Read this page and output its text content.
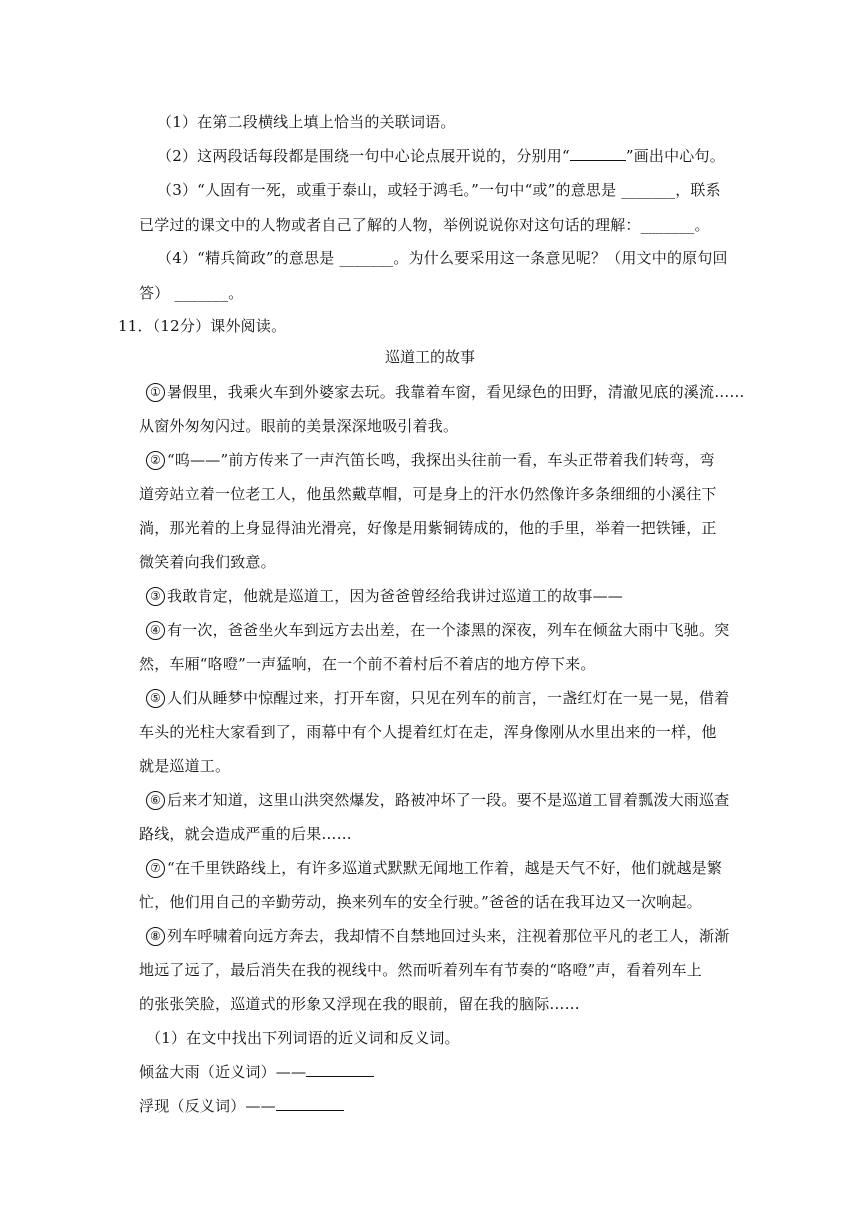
（1）在第二段横线上填上恰当的关联词语。
（2）这两段话每段都是围绕一句中心论点展开说的，分别用“	”画出中心句。
（3）“人固有一死，或重于泰山，或轻于鸿毛。”一句中“或”的意思是 _______，联系
已学过的课文中的人物或者自己了解的人物，举例说说你对这句话的理解：_______。
（4）“精兵简政”的意思是 _______。为什么要采用这一条意见呢？（用文中的原句回
答） _______。
11．（12分）课外阅读。
巡道工的故事
① 暑假里，我乘火车到外婆家去玩。我靠着车窗，看见绿色的田野，清澈见底的溪流……
从窗外匆匆闪过。眼前的美景深深地吸引着我。
② “呜——”前方传来了一声汽笛长鸣，我探出头往前一看，车头正带着我们转弯，弯
道旁站立着一位老工人，他虽然戴草帽，可是身上的汗水仍然像许多条细细的小溪往下
淌，那光着的上身显得油光滑亮，好像是用紫铜铸成的，他的手里，举着一把铁锤，正
微笑着向我们致意。
③ 我敢肯定，他就是巡道工，因为爸爸曾经给我讲过巡道工的故事——
④ 有一次，爸爸坐火车到远方去出差，在一个漆黑的深夜，列车在倾盆大雨中飞驰。突
然，车厢“咯噔”一声猛响，在一个前不着村后不着店的地方停下来。
⑤ 人们从睡梦中惊醒过来，打开车窗，只见在列车的前言，一盏红灯在一晃一晃，借着
车头的光柱大家看到了，雨幕中有个人提着红灯在走，浑身像刚从水里出来的一样，他
就是巡道工。
⑥ 后来才知道，这里山洪突然爆发，路被冲坏了一段。要不是巡道工冒着瓢泼大雨巡查
路线，就会造成严重的后果……
⑦ “在千里铁路线上，有许多巡道式默默无闻地工作着，越是天气不好，他们就越是繁
忙，他们用自己的辛勤劳动，换来列车的安全行驶。”爸爸的话在我耳边又一次响起。
⑧ 列车呼啸着向远方奔去，我却情不自禁地回过头来，注视着那位平凡的老工人，渐渐
地远了远了，最后消失在我的视线中。然而听着列车有节奏的“咯噔”声，看着列车上
的张张笑脸，巡道式的形象又浮现在我的眼前，留在我的脑际……
（1）在文中找出下列词语的近义词和反义词。
倾盆大雨（近义词）——
浮现（反义词）——
